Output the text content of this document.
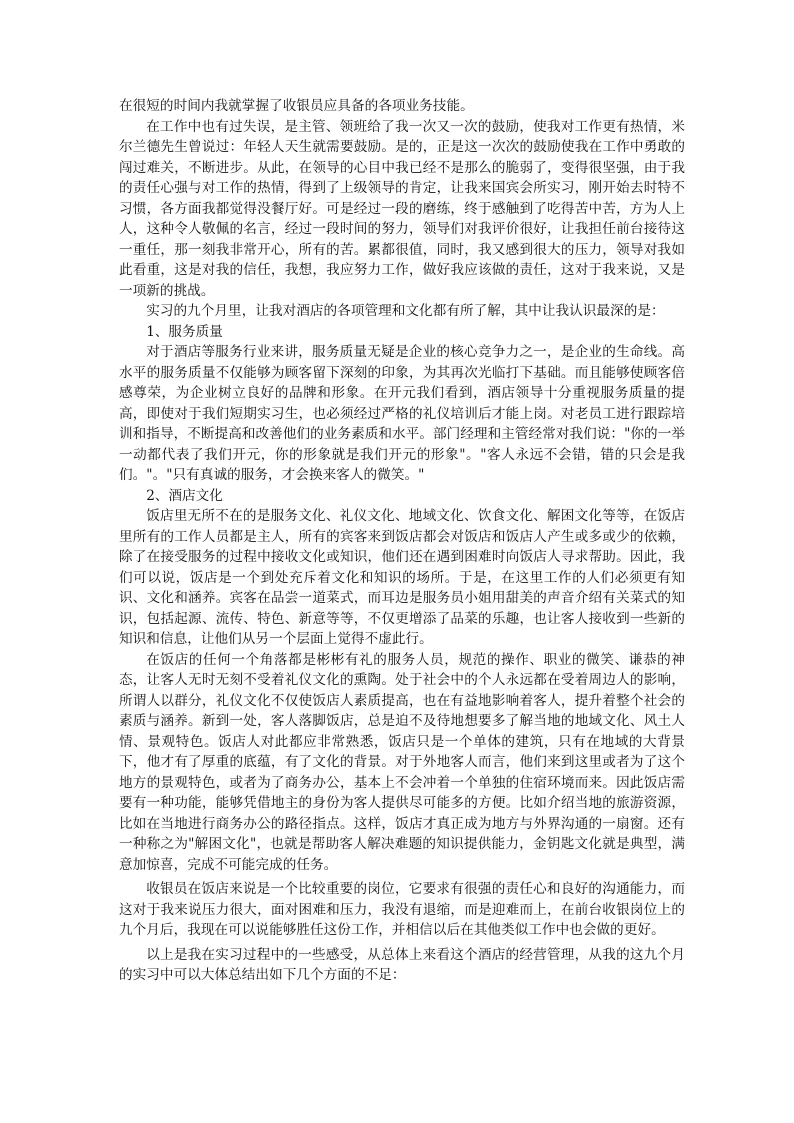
在很短的时间内我就掌握了收银员应具备的各项业务技能。

在工作中也有过失误，是主管、领班给了我一次又一次的鼓励，使我对工作更有热情，米尔兰德先生曾说过：年轻人天生就需要鼓励。是的，正是这一次次的鼓励使我在工作中勇敢的闯过难关，不断进步。从此，在领导的心目中我已经不是那么的脆弱了，变得很坚强，由于我的责任心强与对工作的热情，得到了上级领导的肯定，让我来国宾会所实习，刚开始去时特不习惯，各方面我都觉得没餐厅好。可是经过一段的磨练，终于感触到了吃得苦中苦，方为人上人，这种令人敬佩的名言，经过一段时间的努力，领导们对我评价很好，让我担任前台接待这一重任，那一刻我非常开心，所有的苦。累都很值，同时，我又感到很大的压力，领导对我如此看重，这是对我的信任，我想，我应努力工作，做好我应该做的责任，这对于我来说，又是一项新的挑战。

实习的九个月里，让我对酒店的各项管理和文化都有所了解，其中让我认识最深的是：

1、服务质量

对于酒店等服务行业来讲，服务质量无疑是企业的核心竞争力之一，是企业的生命线。高水平的服务质量不仅能够为顾客留下深刻的印象，为其再次光临打下基础。而且能够使顾客倍感尊荣，为企业树立良好的品牌和形象。在开元我们看到，酒店领导十分重视服务质量的提高，即使对于我们短期实习生，也必须经过严格的礼仪培训后才能上岗。对老员工进行跟踪培训和指导，不断提高和改善他们的业务素质和水平。部门经理和主管经常对我们说："你的一举一动都代表了我们开元，你的形象就是我们开元的形象"。"客人永远不会错，错的只会是我们。"。"只有真诚的服务，才会换来客人的微笑。"

2、酒店文化

饭店里无所不在的是服务文化、礼仪文化、地域文化、饮食文化、解困文化等等，在饭店里所有的工作人员都是主人，所有的宾客来到饭店都会对饭店和饭店人产生或多或少的依赖，除了在接受服务的过程中接收文化或知识，他们还在遇到困难时向饭店人寻求帮助。因此，我们可以说，饭店是一个到处充斥着文化和知识的场所。于是，在这里工作的人们必须更有知识、文化和涵养。宾客在品尝一道菜式，而耳边是服务员小姐用甜美的声音介绍有关菜式的知识，包括起源、流传、特色、新意等等，不仅更增添了品菜的乐趣，也让客人接收到一些新的知识和信息，让他们从另一个层面上觉得不虚此行。

在饭店的任何一个角落都是彬彬有礼的服务人员，规范的操作、职业的微笑、谦恭的神态，让客人无时无刻不受着礼仪文化的熏陶。处于社会中的个人永远都在受着周边人的影响，所谓人以群分，礼仪文化不仅使饭店人素质提高，也在有益地影响着客人，提升着整个社会的素质与涵养。新到一处，客人落脚饭店，总是迫不及待地想要多了解当地的地域文化、风土人情、景观特色。饭店人对此都应非常熟悉，饭店只是一个单体的建筑，只有在地域的大背景下，他才有了厚重的底蕴，有了文化的背景。对于外地客人而言，他们来到这里或者为了这个地方的景观特色，或者为了商务办公，基本上不会冲着一个单独的住宿环境而来。因此饭店需要有一种功能，能够凭借地主的身份为客人提供尽可能多的方便。比如介绍当地的旅游资源，比如在当地进行商务办公的路径指点。这样，饭店才真正成为地方与外界沟通的一扇窗。还有一种称之为"解困文化"，也就是帮助客人解决难题的知识提供能力，金钥匙文化就是典型，满意加惊喜，完成不可能完成的任务。

收银员在饭店来说是一个比较重要的岗位，它要求有很强的责任心和良好的沟通能力，而这对于我来说压力很大，面对困难和压力，我没有退缩，而是迎难而上，在前台收银岗位上的九个月后，我现在可以说能够胜任这份工作，并相信以后在其他类似工作中也会做的更好。

以上是我在实习过程中的一些感受，从总体上来看这个酒店的经营管理，从我的这九个月的实习中可以大体总结出如下几个方面的不足：
